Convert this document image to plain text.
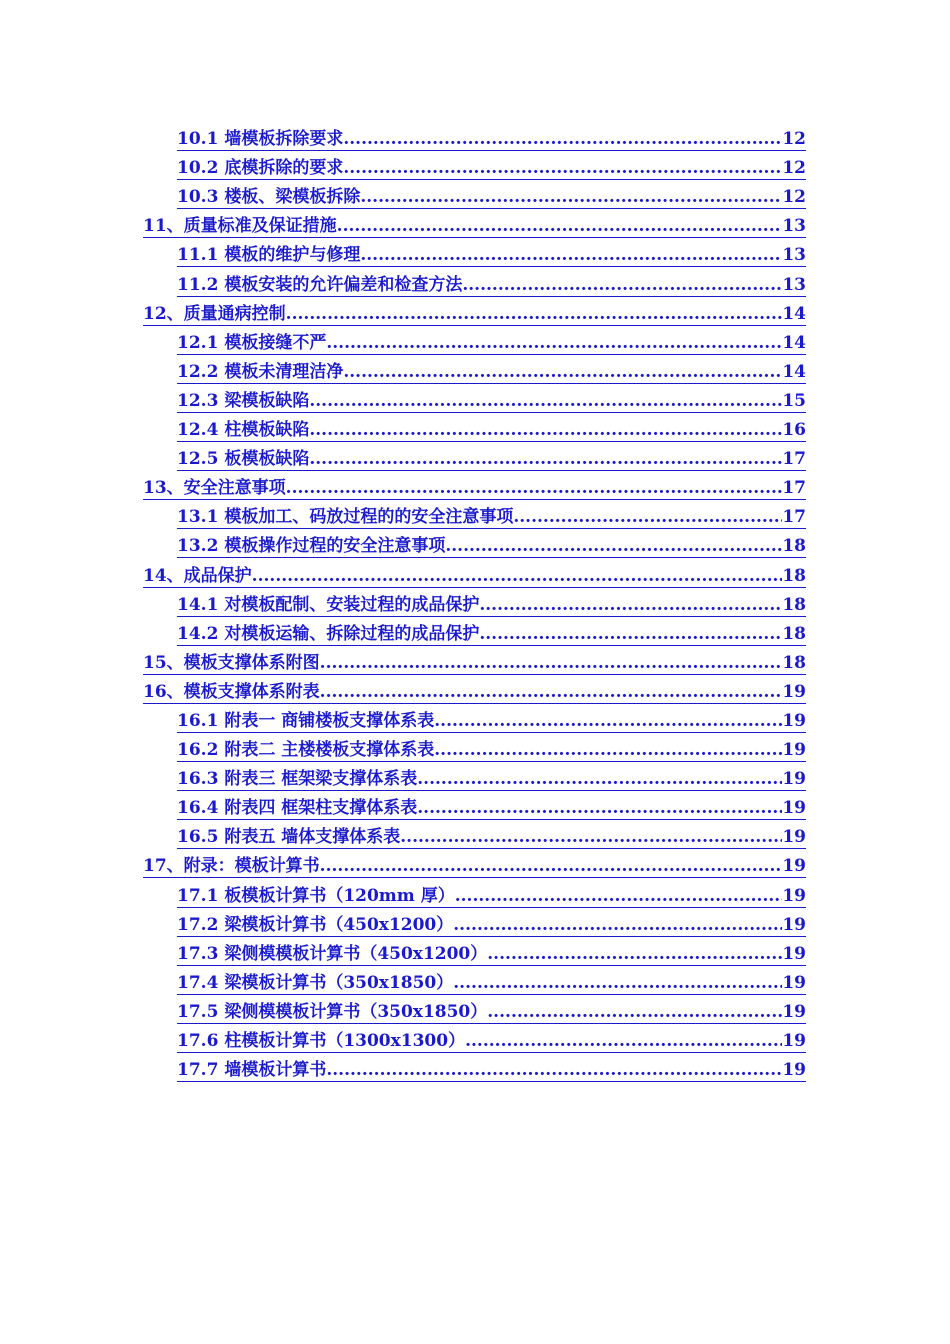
10.1 墙模板拆除要求 .....	12
10.2 底模拆除的要求 .....	12
10.3 楼板、梁模板拆除 .....	12
11、质量标准及保证措施 .....	13
11.1 模板的维护与修理 .....	13
11.2 模板安装的允许偏差和检查方法 .....	13
12、质量通病控制 .....	14
12.1 模板接缝不严 .....	14
12.2 模板未清理洁净 .....	14
12.3 梁模板缺陷 .....	15
12.4 柱模板缺陷 .....	16
12.5 板模板缺陷 .....	17
13、安全注意事项 .....	17
13.1 模板加工、码放过程的的安全注意事项 .....	17
13.2 模板操作过程的安全注意事项 .....	18
14、成品保护 .....	18
14.1 对模板配制、安装过程的成品保护 .....	18
14.2 对模板运输、拆除过程的成品保护 .....	18
15、模板支撑体系附图 .....	18
16、模板支撑体系附表 .....	19
16.1 附表一 商铺楼板支撑体系表 .....	19
16.2 附表二 主楼楼板支撑体系表 .....	19
16.3 附表三 框架梁支撑体系表 .....	19
16.4 附表四 框架柱支撑体系表 .....	19
16.5 附表五 墙体支撑体系表 .....	19
17、附录：模板计算书 .....	19
17.1 板模板计算书（120mm 厚） .....	19
17.2 梁模板计算书（450x1200） .....	19
17.3 梁侧模模板计算书（450x1200） .....	19
17.4 梁模板计算书（350x1850） .....	19
17.5 梁侧模模板计算书（350x1850） .....	19
17.6 柱模板计算书（1300x1300） .....	19
17.7 墙模板计算书 .....	19
